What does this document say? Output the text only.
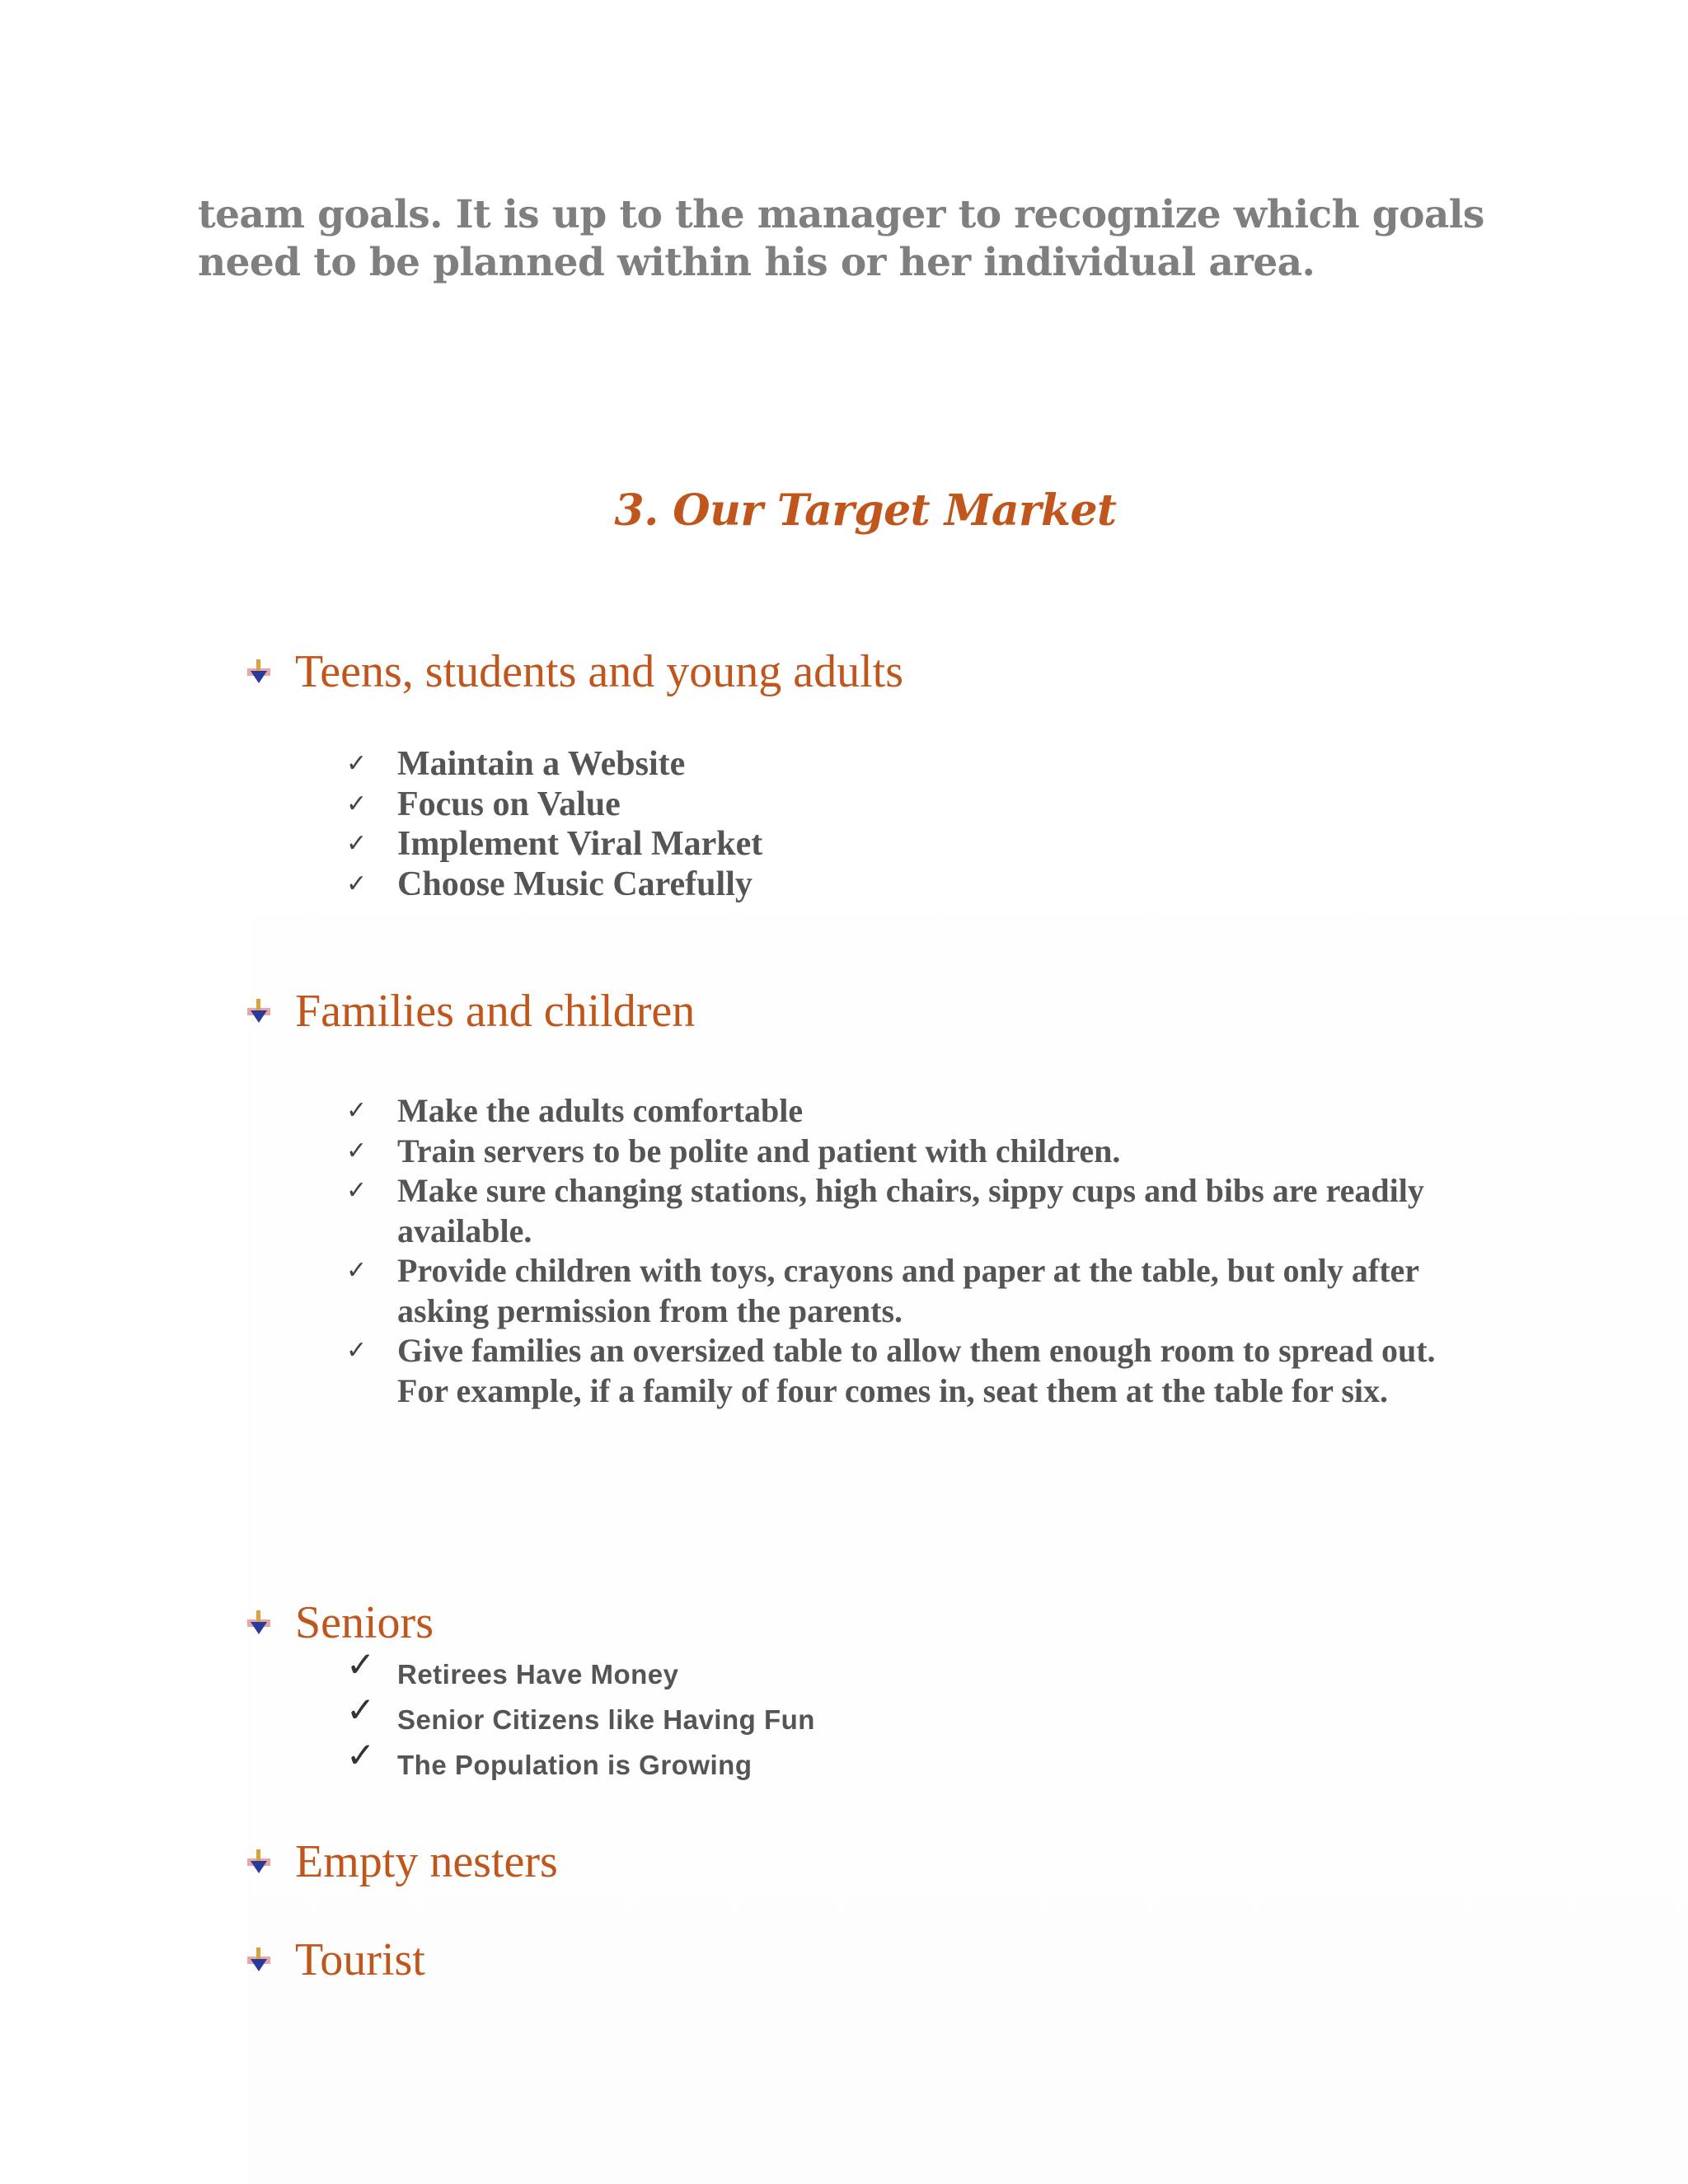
team goals. It is up to the manager to recognize which goals need to be planned within his or her individual area.

3. Our Target Market
Teens, students and young adults
✓ Maintain a Website
✓ Focus on Value
✓ Implement Viral Market
✓ Choose Music Carefully
Families and children
✓ Make the adults comfortable
✓ Train servers to be polite and patient with children.
✓ Make sure changing stations, high chairs, sippy cups and bibs are readily available.
✓ Provide children with toys, crayons and paper at the table, but only after asking permission from the parents.
✓ Give families an oversized table to allow them enough room to spread out. For example, if a family of four comes in, seat them at the table for six.
Seniors
✓ Retirees Have Money
✓ Senior Citizens like Having Fun
✓ The Population is Growing
Empty nesters
Tourist
